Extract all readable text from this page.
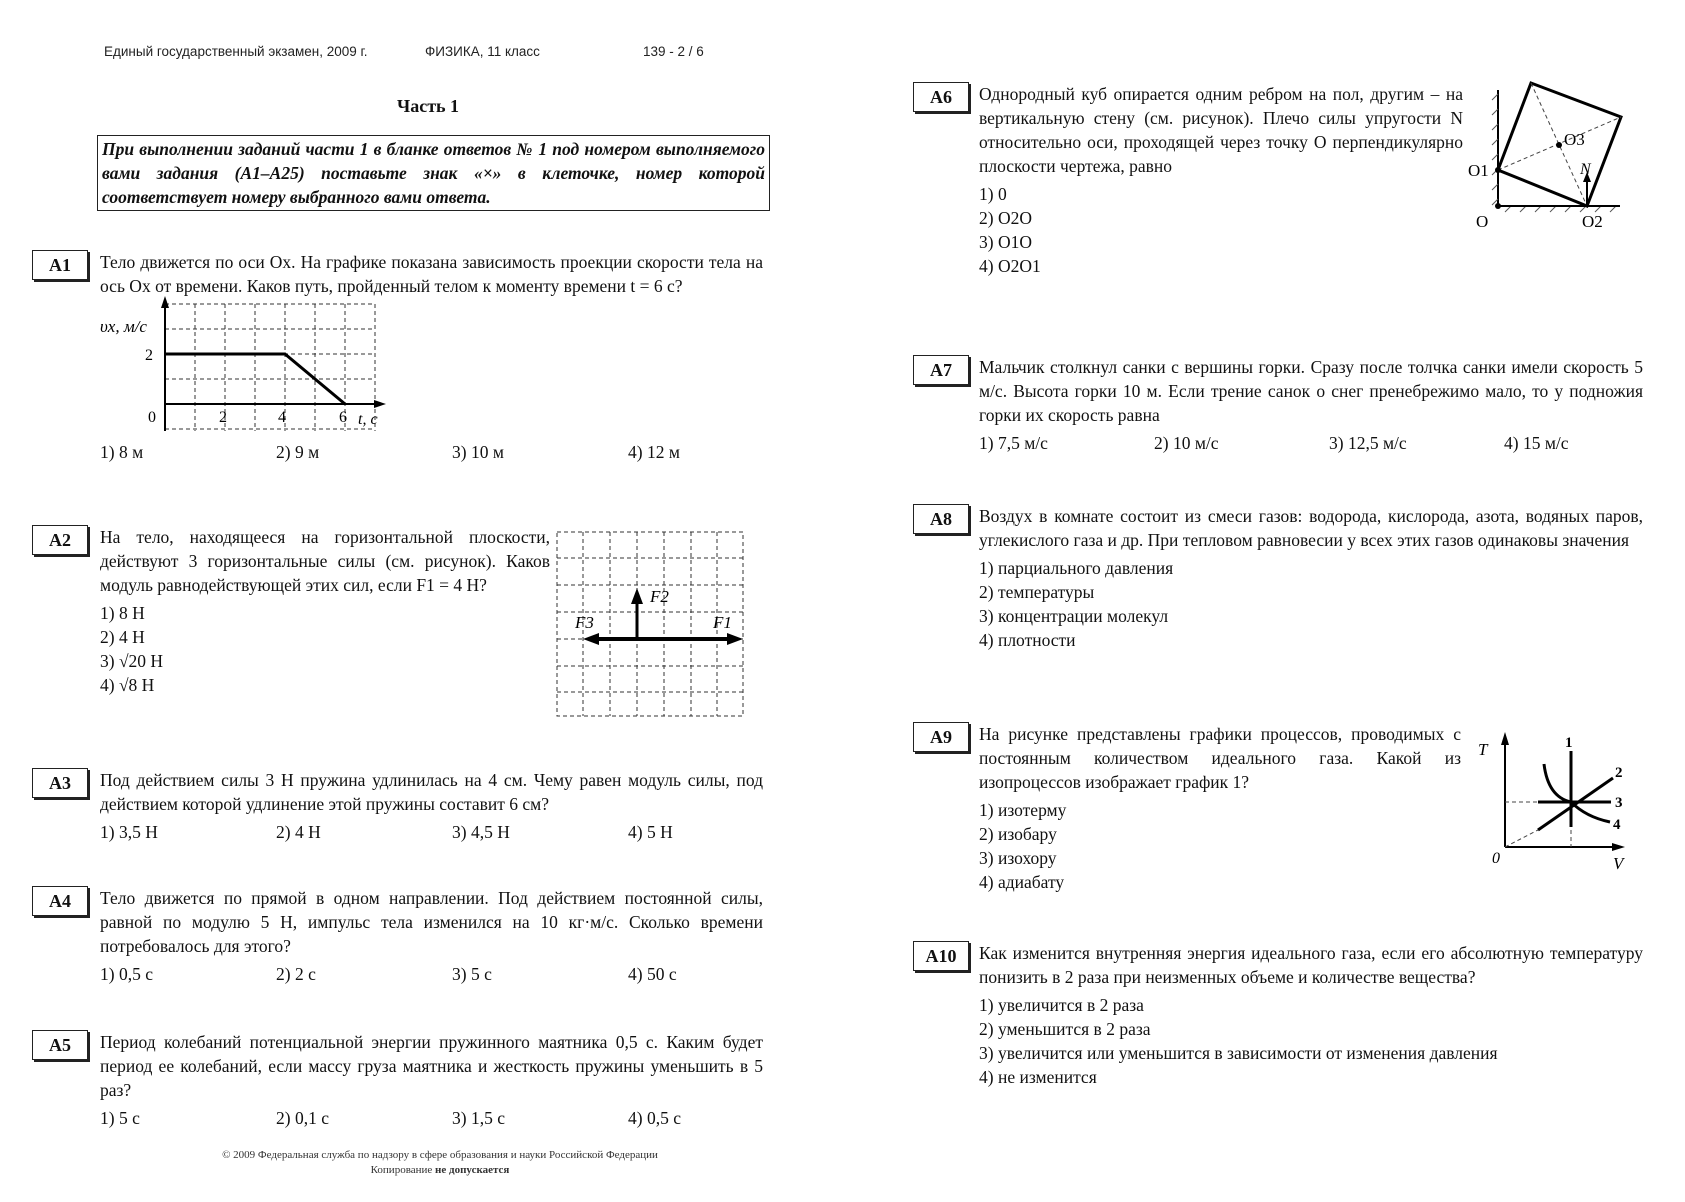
Единый государственный экзамен, 2009 г.	ФИЗИКА, 11 класс	139 - 2 / 6
Часть 1
При выполнении заданий части 1 в бланке ответов № 1 под номером выполняемого вами задания (А1–А25) поставьте знак «×» в клеточке, номер которой соответствует номеру выбранного вами ответа.
А1	Тело движется по оси Ох. На графике показана зависимость проекции скорости тела на ось Ох от времени. Каков путь, пройденный телом к моменту времени t = 6 с?
υx, м/с
2
0	2	4	6 t, с
1) 8 м	2) 9 м	3) 10 м	4) 12 м
А2	На тело, находящееся на горизонтальной плоскости, действуют 3 горизонтальные силы (см. рисунок). Каков модуль равнодействующей этих сил, если F1 = 4 Н?
1) 8 Н
2) 4 Н
3) √20 Н
4) √8 Н
F2
F3	F1
А3	Под действием силы 3 Н пружина удлинилась на 4 см. Чему равен модуль силы, под действием которой удлинение этой пружины составит 6 см?
1) 3,5 Н	2) 4 Н	3) 4,5 Н	4) 5 Н
А4	Тело движется по прямой в одном направлении. Под действием постоянной силы, равной по модулю 5 Н, импульс тела изменился на 10 кг·м/с. Сколько времени потребовалось для этого?
1) 0,5 с	2) 2 с	3) 5 с	4) 50 с
А5	Период колебаний потенциальной энергии пружинного маятника 0,5 с. Каким будет период ее колебаний, если массу груза маятника и жесткость пружины уменьшить в 5 раз?
1) 5 с	2) 0,1 с	3) 1,5 с	4) 0,5 с
© 2009 Федеральная служба по надзору в сфере образования и науки Российской Федерации
Копирование не допускается
А6	Однородный куб опирается одним ребром на пол, другим – на вертикальную стену (см. рисунок). Плечо силы упругости N относительно оси, проходящей через точку О перпендикулярно плоскости чертежа, равно
1) 0
2) O2O
3) O1O
4) O2O1
O3
N
O1
O	O2
А7	Мальчик столкнул санки с вершины горки. Сразу после толчка санки имели скорость 5 м/с. Высота горки 10 м. Если трение санок о снег пренебрежимо мало, то у подножия горки их скорость равна
1) 7,5 м/с	2) 10 м/с	3) 12,5 м/с	4) 15 м/с
А8	Воздух в комнате состоит из смеси газов: водорода, кислорода, азота, водяных паров, углекислого газа и др. При тепловом равновесии у всех этих газов одинаковы значения
1) парциального давления
2) температуры
3) концентрации молекул
4) плотности
А9	На рисунке представлены графики процессов, проводимых с постоянным количеством идеального газа. Какой из изопроцессов изображает график 1?
1) изотерму
2) изобару
3) изохору
4) адиабату
T
V
0
1
2
3
4
А10	Как изменится внутренняя энергия идеального газа, если его абсолютную температуру понизить в 2 раза при неизменных объеме и количестве вещества?
1) увеличится в 2 раза
2) уменьшится в 2 раза
3) увеличится или уменьшится в зависимости от изменения давления
4) не изменится
